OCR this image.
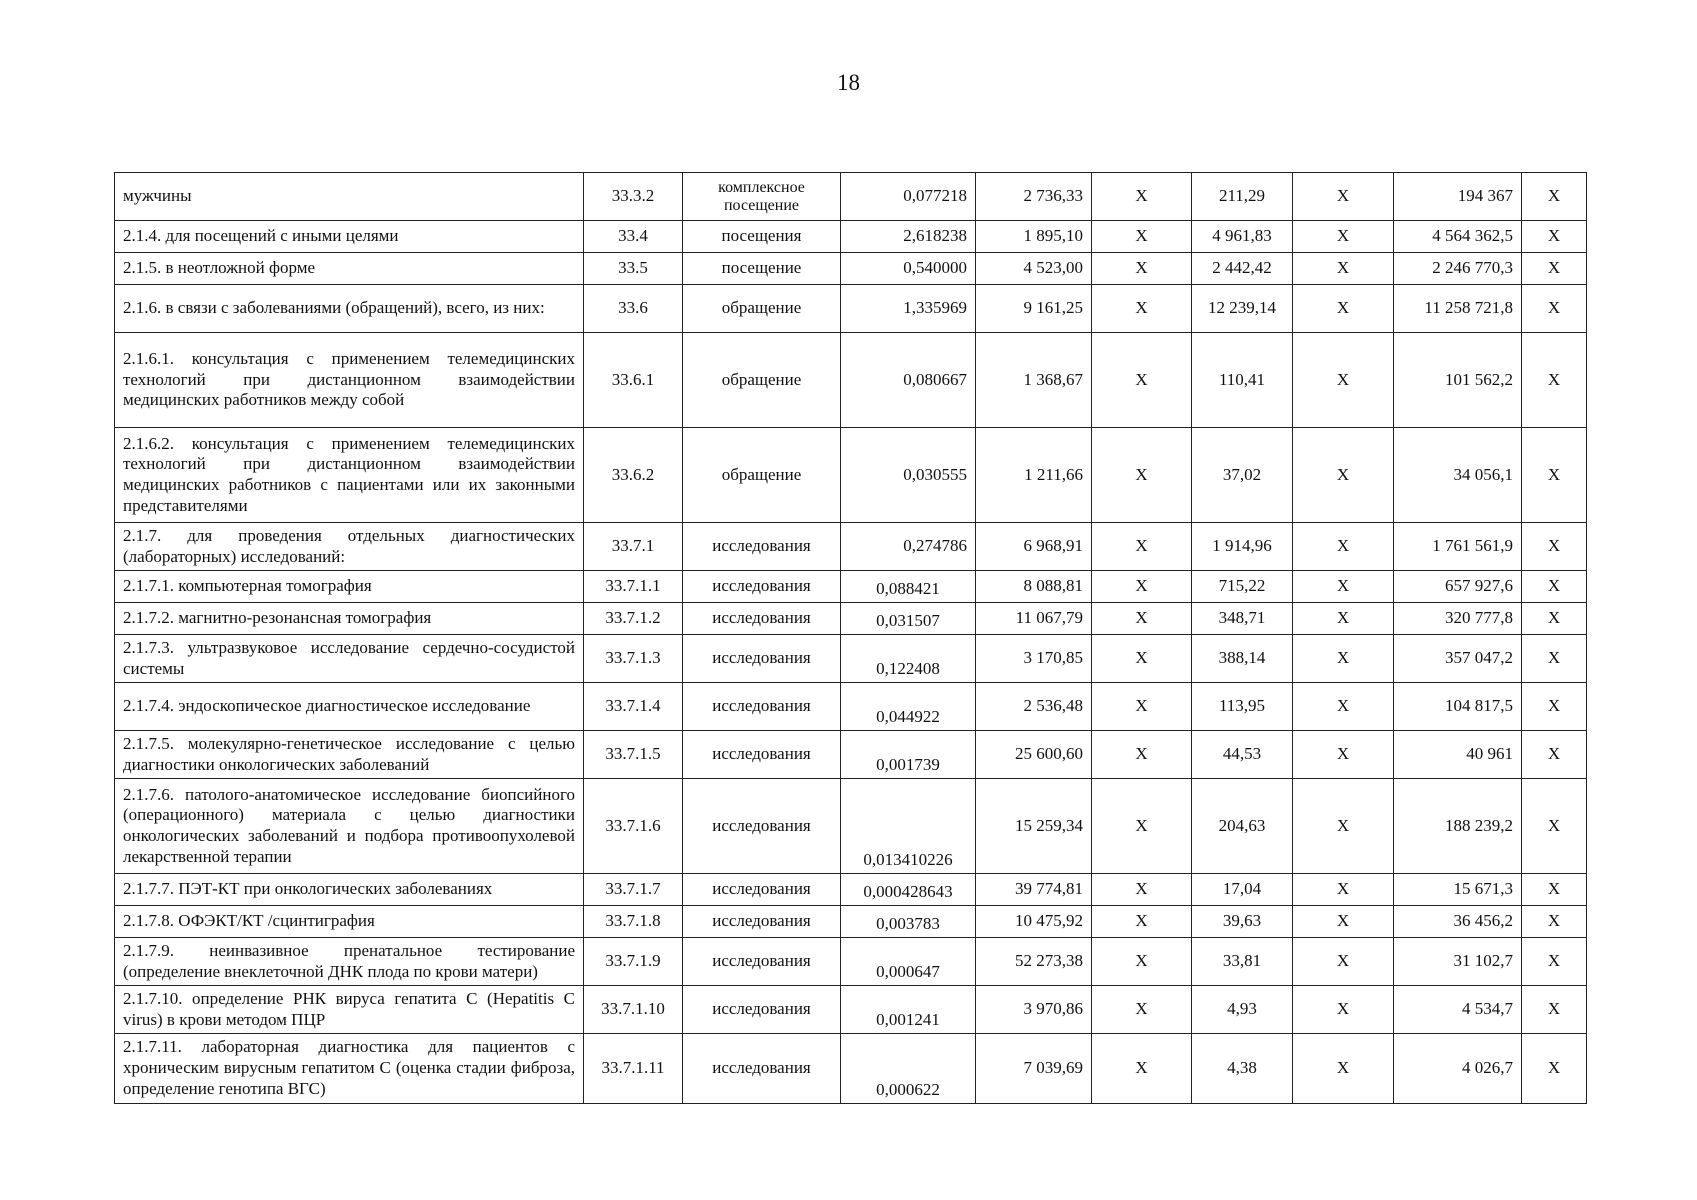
18
мужчины	33.3.2	комплексное посещение	0,077218	2 736,33	X	211,29	X	194 367	X
2.1.4. для посещений с иными целями	33.4	посещения	2,618238	1 895,10	X	4 961,83	X	4 564 362,5	X
2.1.5. в неотложной форме	33.5	посещение	0,540000	4 523,00	X	2 442,42	X	2 246 770,3	X
2.1.6. в связи с заболеваниями (обращений), всего, из них:	33.6	обращение	1,335969	9 161,25	X	12 239,14	X	11 258 721,8	X
2.1.6.1. консультация с применением телемедицинских технологий при дистанционном взаимодействии медицинских работников между собой	33.6.1	обращение	0,080667	1 368,67	X	110,41	X	101 562,2	X
2.1.6.2. консультация с применением телемедицинских технологий при дистанционном взаимодействии медицинских работников с пациентами или их законными представителями	33.6.2	обращение	0,030555	1 211,66	X	37,02	X	34 056,1	X
2.1.7. для проведения отдельных диагностических (лабораторных) исследований:	33.7.1	исследования	0,274786	6 968,91	X	1 914,96	X	1 761 561,9	X
2.1.7.1. компьютерная томография	33.7.1.1	исследования	0,088421	8 088,81	X	715,22	X	657 927,6	X
2.1.7.2. магнитно-резонансная томография	33.7.1.2	исследования	0,031507	11 067,79	X	348,71	X	320 777,8	X
2.1.7.3. ультразвуковое исследование сердечно-сосудистой системы	33.7.1.3	исследования	0,122408	3 170,85	X	388,14	X	357 047,2	X
2.1.7.4. эндоскопическое диагностическое исследование	33.7.1.4	исследования	0,044922	2 536,48	X	113,95	X	104 817,5	X
2.1.7.5. молекулярно-генетическое исследование с целью диагностики онкологических заболеваний	33.7.1.5	исследования	0,001739	25 600,60	X	44,53	X	40 961	X
2.1.7.6. патолого-анатомическое исследование биопсийного (операционного) материала с целью диагностики онкологических заболеваний и подбора противоопухолевой лекарственной терапии	33.7.1.6	исследования	0,013410226	15 259,34	X	204,63	X	188 239,2	X
2.1.7.7. ПЭТ-КТ при онкологических заболеваниях	33.7.1.7	исследования	0,000428643	39 774,81	X	17,04	X	15 671,3	X
2.1.7.8. ОФЭКТ/КТ /сцинтиграфия	33.7.1.8	исследования	0,003783	10 475,92	X	39,63	X	36 456,2	X
2.1.7.9. неинвазивное пренатальное тестирование (определение внеклеточной ДНК плода по крови матери)	33.7.1.9	исследования	0,000647	52 273,38	X	33,81	X	31 102,7	X
2.1.7.10. определение РНК вируса гепатита С (Hepatitis C virus) в крови методом ПЦР	33.7.1.10	исследования	0,001241	3 970,86	X	4,93	X	4 534,7	X
2.1.7.11. лабораторная диагностика для пациентов с хроническим вирусным гепатитом С (оценка стадии фиброза, определение генотипа ВГС)	33.7.1.11	исследования	0,000622	7 039,69	X	4,38	X	4 026,7	X
